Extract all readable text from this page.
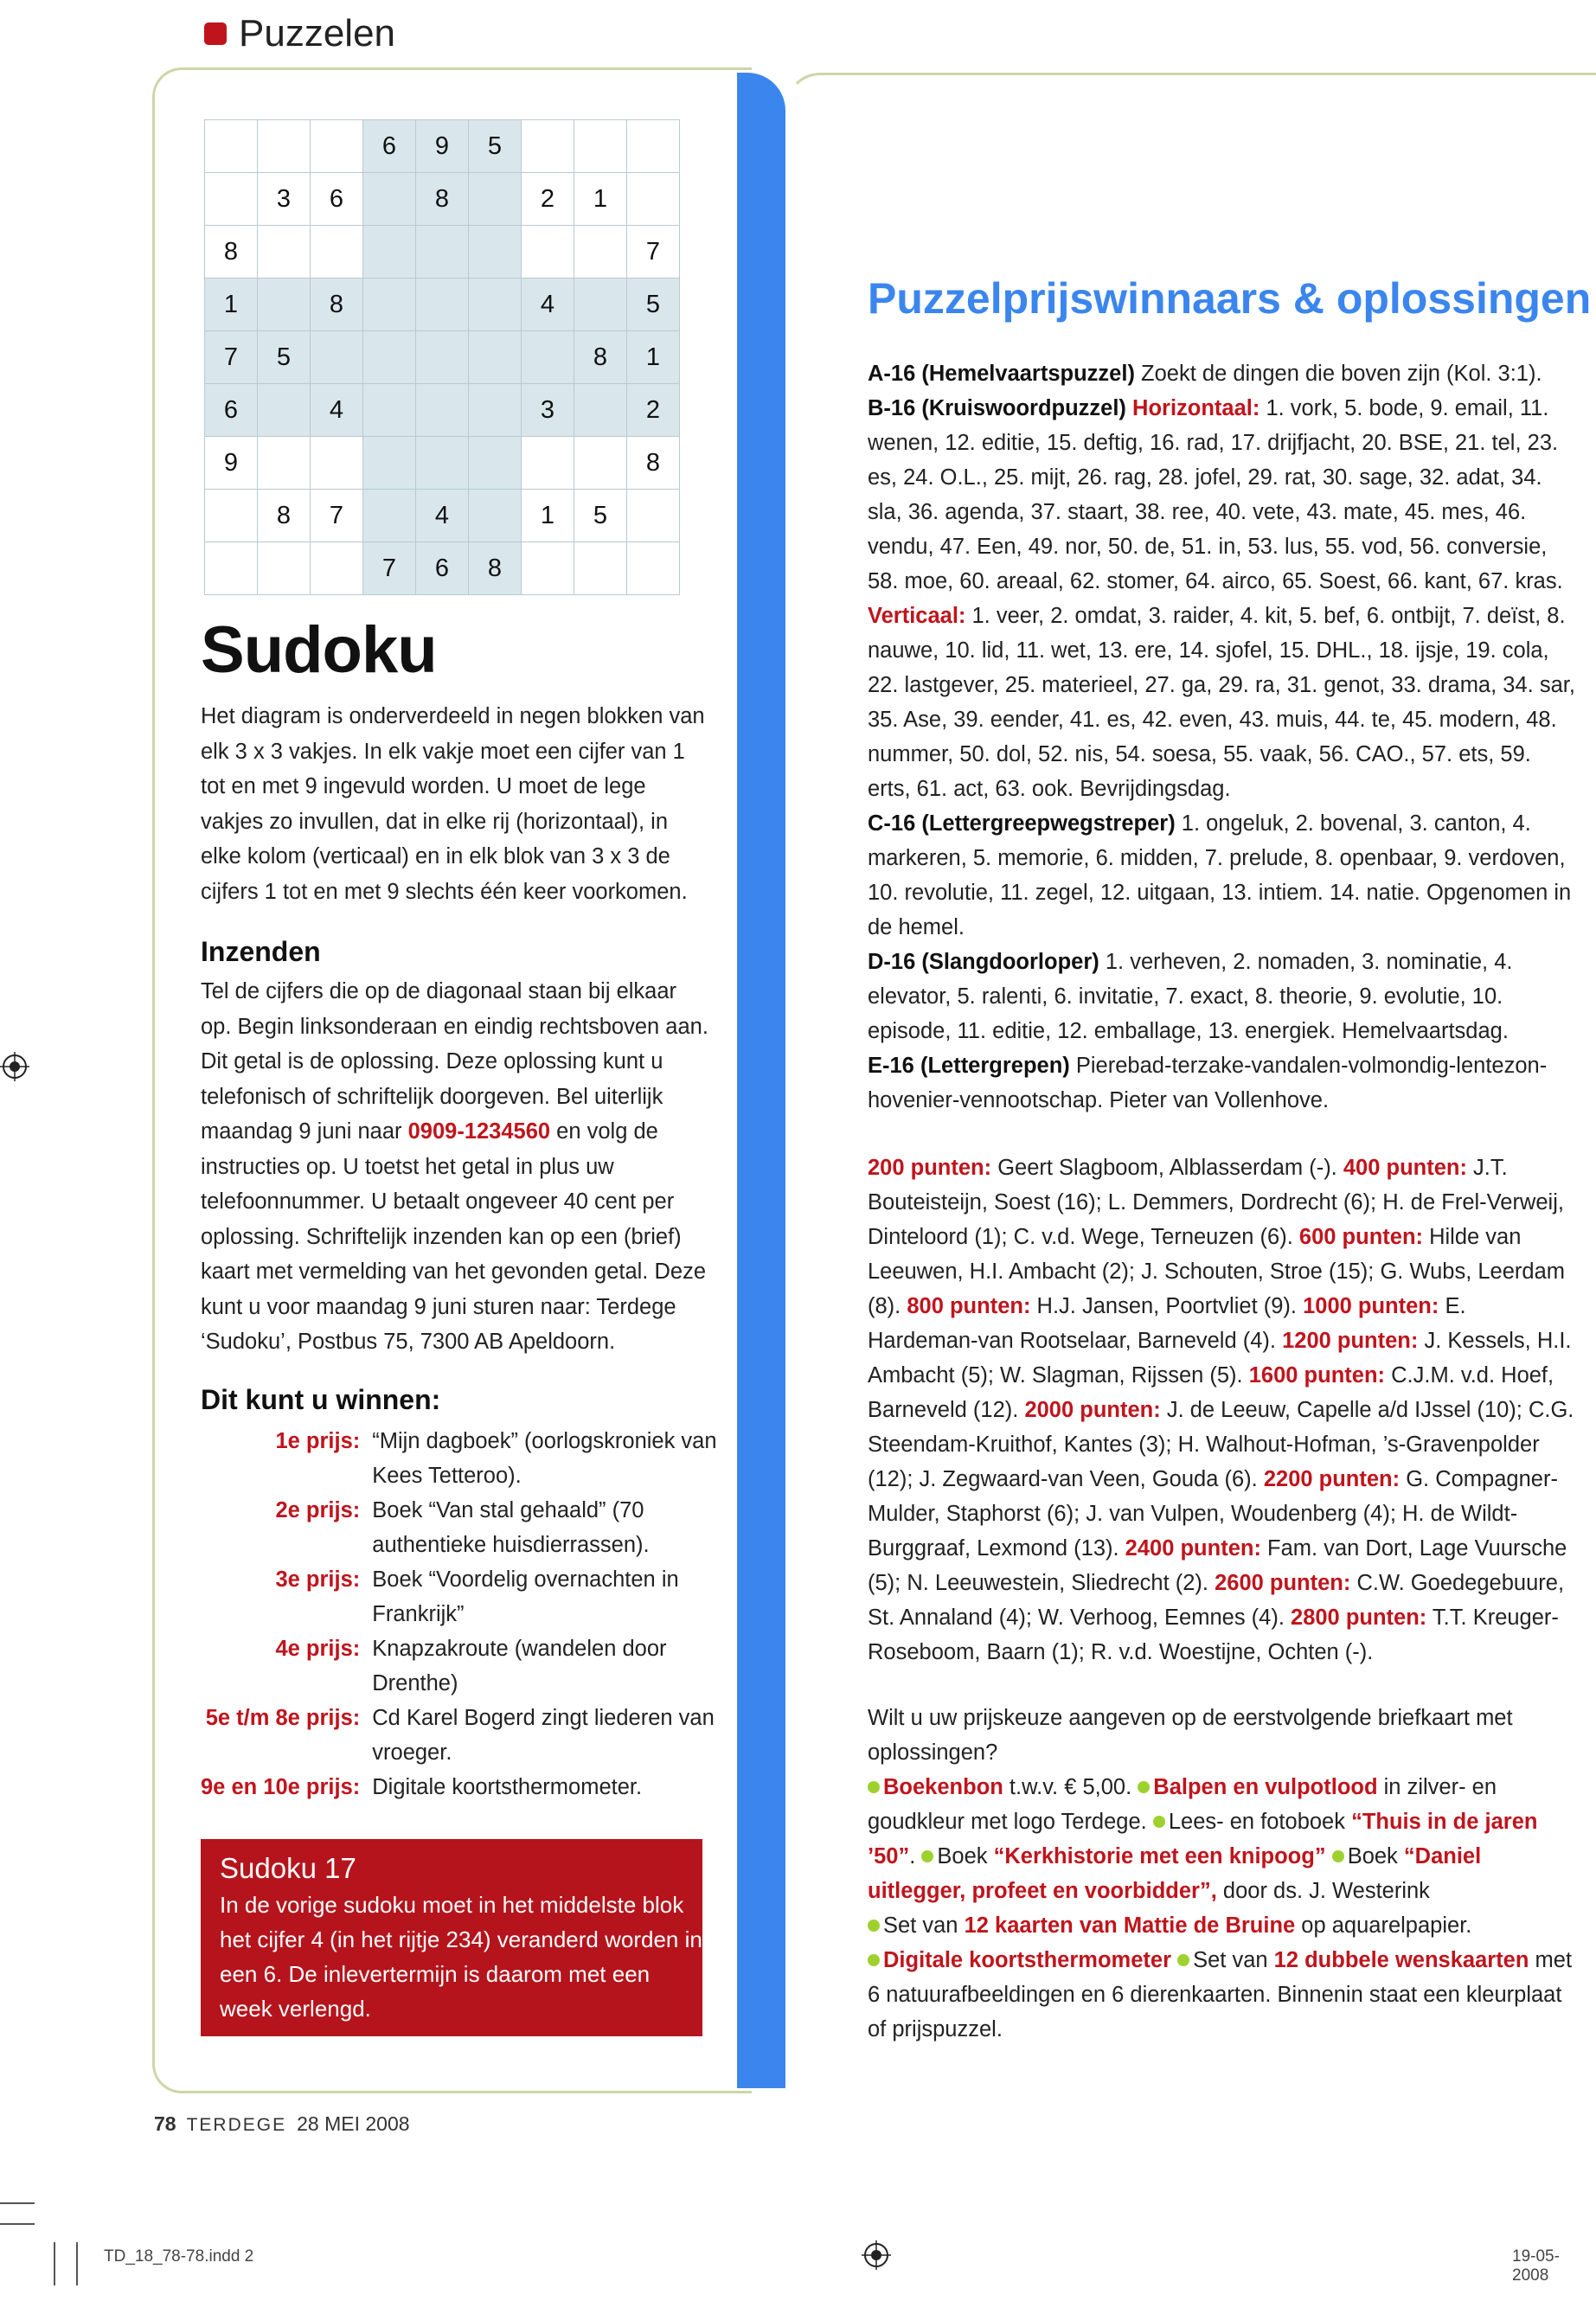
Puzzelen
			6	9	5			
	3	6		8		2	1	
8								7
1		8				4		5
7	5						8	1
6		4				3		2
9								8
	8	7		4		1	5	
			7	6	8			
Sudoku
Het diagram is onderverdeeld in negen blokken van elk 3 x 3 vakjes. In elk vakje moet een cijfer van 1 tot en met 9 ingevuld worden. U moet de lege vakjes zo invullen, dat in elke rij (horizontaal), in elke kolom (verticaal) en in elk blok van 3 x 3 de cijfers 1 tot en met 9 slechts één keer voorkomen.
Inzenden
Tel de cijfers die op de diagonaal staan bij elkaar op. Begin linksonderaan en eindig rechtsboven aan. Dit getal is de oplossing. Deze oplossing kunt u telefonisch of schriftelijk doorgeven. Bel uiterlijk maandag 9 juni naar 0909-1234560 en volg de instructies op. U toetst het getal in plus uw telefoonnummer. U betaalt ongeveer 40 cent per oplossing. Schriftelijk inzenden kan op een (brief) kaart met vermelding van het gevonden getal. Deze kunt u voor maandag 9 juni sturen naar: Terdege ‘Sudoku’, Postbus 75, 7300 AB Apeldoorn.
Dit kunt u winnen:
1e prijs:	“Mijn dagboek” (oorlogskroniek van Kees Tetteroo).
2e prijs:	Boek “Van stal gehaald” (70 authentieke huisdierrassen).
3e prijs:	Boek “Voordelig overnachten in Frankrijk”
4e prijs:	Knapzakroute (wandelen door Drenthe)
5e t/m 8e prijs:	Cd Karel Bogerd zingt liederen van vroeger.
9e en 10e prijs:	Digitale koortsthermometer.
Sudoku 17
In de vorige sudoku moet in het middelste blok het cijfer 4 (in het rijtje 234) veranderd worden in een 6. De inlevertermijn is daarom met een week verlengd.
Puzzelprijswinnaars & oplossingen

A-16 (Hemelvaartspuzzel) Zoekt de dingen die boven zijn (Kol. 3:1).

B-16 (Kruiswoordpuzzel) Horizontaal: 1. vork, 5. bode, 9. email, 11. wenen, 12. editie, 15. deftig, 16. rad, 17. drijfjacht, 20. BSE, 21. tel, 23. es, 24. O.L., 25. mijt, 26. rag, 28. jofel, 29. rat, 30. sage, 32. adat, 34. sla, 36. agenda, 37. staart, 38. ree, 40. vete, 43. mate, 45. mes, 46. vendu, 47. Een, 49. nor, 50. de, 51. in, 53. lus, 55. vod, 56. conversie, 58. moe, 60. areaal, 62. stomer, 64. airco, 65. Soest, 66. kant, 67. kras. Verticaal: 1. veer, 2. omdat, 3. raider, 4. kit, 5. bef, 6. ontbijt, 7. deïst, 8. nauwe, 10. lid, 11. wet, 13. ere, 14. sjofel, 15. DHL., 18. ijsje, 19. cola, 22. lastgever, 25. materieel, 27. ga, 29. ra, 31. genot, 33. drama, 34. sar, 35. Ase, 39. eender, 41. es, 42. even, 43. muis, 44. te, 45. modern, 48. nummer, 50. dol, 52. nis, 54. soesa, 55. vaak, 56. CAO., 57. ets, 59. erts, 61. act, 63. ook. Bevrijdingsdag.

C-16 (Lettergreepwegstreper) 1. ongeluk, 2. bovenal, 3. canton, 4. markeren, 5. memorie, 6. midden, 7. prelude, 8. openbaar, 9. verdoven, 10. revolutie, 11. zegel, 12. uitgaan, 13. intiem. 14. natie. Opgenomen in de hemel.

D-16 (Slangdoorloper) 1. verheven, 2. nomaden, 3. nominatie, 4. elevator, 5. ralenti, 6. invitatie, 7. exact, 8. theorie, 9. evolutie, 10. episode, 11. editie, 12. emballage, 13. energiek. Hemelvaartsdag.

E-16 (Lettergrepen) Pierebad-terzake-vandalen-volmondig-lentezon-hovenier-vennootschap. Pieter van Vollenhove.

200 punten: Geert Slagboom, Alblasserdam (-). 400 punten: J.T. Bouteisteijn, Soest (16); L. Demmers, Dordrecht (6); H. de Frel-Verweij, Dinteloord (1); C. v.d. Wege, Terneuzen (6). 600 punten: Hilde van Leeuwen, H.I. Ambacht (2); J. Schouten, Stroe (15); G. Wubs, Leerdam (8). 800 punten: H.J. Jansen, Poortvliet (9). 1000 punten: E. Hardeman-van Rootselaar, Barneveld (4). 1200 punten: J. Kessels, H.I. Ambacht (5); W. Slagman, Rijssen (5). 1600 punten: C.J.M. v.d. Hoef, Barneveld (12). 2000 punten: J. de Leeuw, Capelle a/d IJssel (10); C.G. Steendam-Kruithof, Kantes (3); H. Walhout-Hofman, ’s-Gravenpolder (12); J. Zegwaard-van Veen, Gouda (6). 2200 punten: G. Compagner-Mulder, Staphorst (6); J. van Vulpen, Woudenberg (4); H. de Wildt-Burggraaf, Lexmond (13). 2400 punten: Fam. van Dort, Lage Vuursche (5); N. Leeuwestein, Sliedrecht (2). 2600 punten: C.W. Goedegebuure, St. Annaland (4); W. Verhoog, Eemnes (4). 2800 punten: T.T. Kreuger-Roseboom, Baarn (1); R. v.d. Woestijne, Ochten (-).

Wilt u uw prijskeuze aangeven op de eerstvolgende briefkaart met oplossingen?

Boekenbon t.w.v. € 5,00. Balpen en vulpotlood in zilver- en goudkleur met logo Terdege. Lees- en fotoboek “Thuis in de jaren ’50”. Boek “Kerkhistorie met een knipoog” Boek “Daniel uitlegger, profeet en voorbidder”, door ds. J. Westerink
Set van 12 kaarten van Mattie de Bruine op aquarelpapier.
Digitale koortsthermometer Set van 12 dubbele wenskaarten met 6 natuurafbeeldingen en 6 dierenkaarten. Binnenin staat een kleurplaat of prijspuzzel.

78 TERDEGE 28 MEI 2008
TD_18_78-78.indd 2	19-05-2008
